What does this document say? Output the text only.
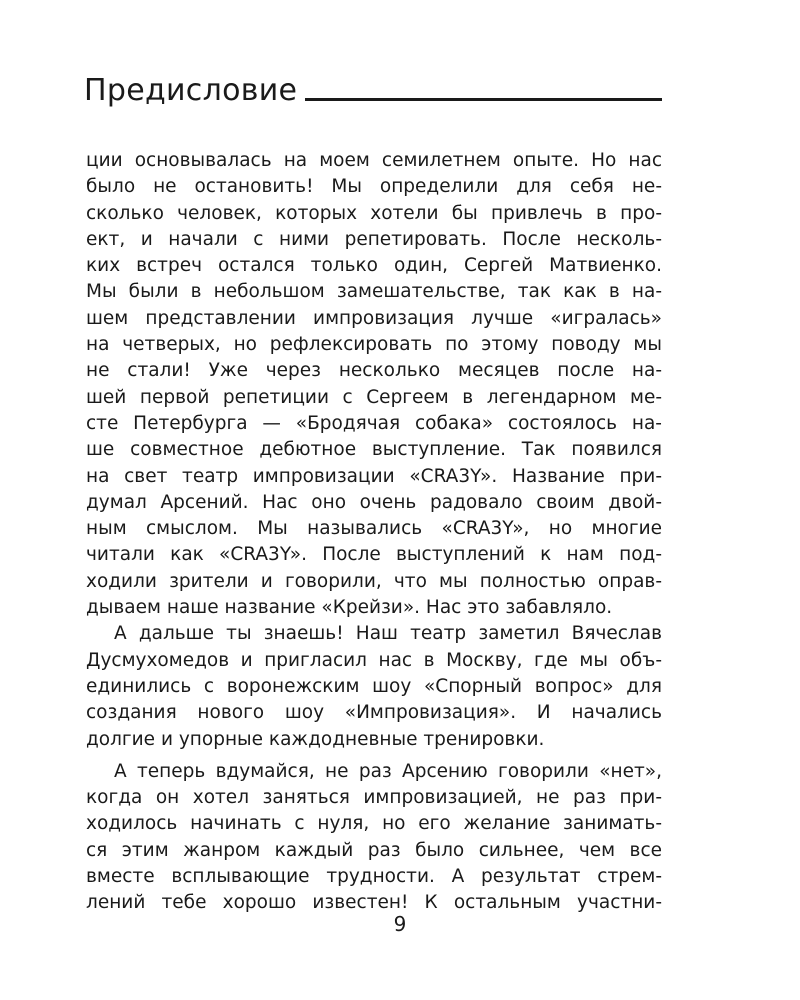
Предисловие
ции основывалась на моем семилетнем опыте. Но нас
было не остановить! Мы определили для себя не-
сколько человек, которых хотели бы привлечь в про-
ект, и начали с ними репетировать. После несколь-
ких встреч остался только один, Сергей Матвиенко.
Мы были в небольшом замешательстве, так как в на-
шем представлении импровизация лучше «игралась»
на четверых, но рефлексировать по этому поводу мы
не стали! Уже через несколько месяцев после на-
шей первой репетиции с Сергеем в легендарном ме-
сте Петербурга — «Бродячая собака» состоялось на-
ше совместное дебютное выступление. Так появился
на свет театр импровизации «CRA3Y». Название при-
думал Арсений. Нас оно очень радовало своим двой-
ным смыслом. Мы назывались «CRA3Y», но многие
читали как «CRA3Y». После выступлений к нам под-
ходили зрители и говорили, что мы полностью оправ-
дываем наше название «Крейзи». Нас это забавляло.
А дальше ты знаешь! Наш театр заметил Вячеслав
Дусмухомедов и пригласил нас в Москву, где мы объ-
единились с воронежским шоу «Спорный вопрос» для
создания нового шоу «Импровизация». И начались
долгие и упорные каждодневные тренировки.
А теперь вдумайся, не раз Арсению говорили «нет»,
когда он хотел заняться импровизацией, не раз при-
ходилось начинать с нуля, но его желание занимать-
ся этим жанром каждый раз было сильнее, чем все
вместе всплывающие трудности. А результат стрем-
лений тебе хорошо известен! К остальным участни-
9
